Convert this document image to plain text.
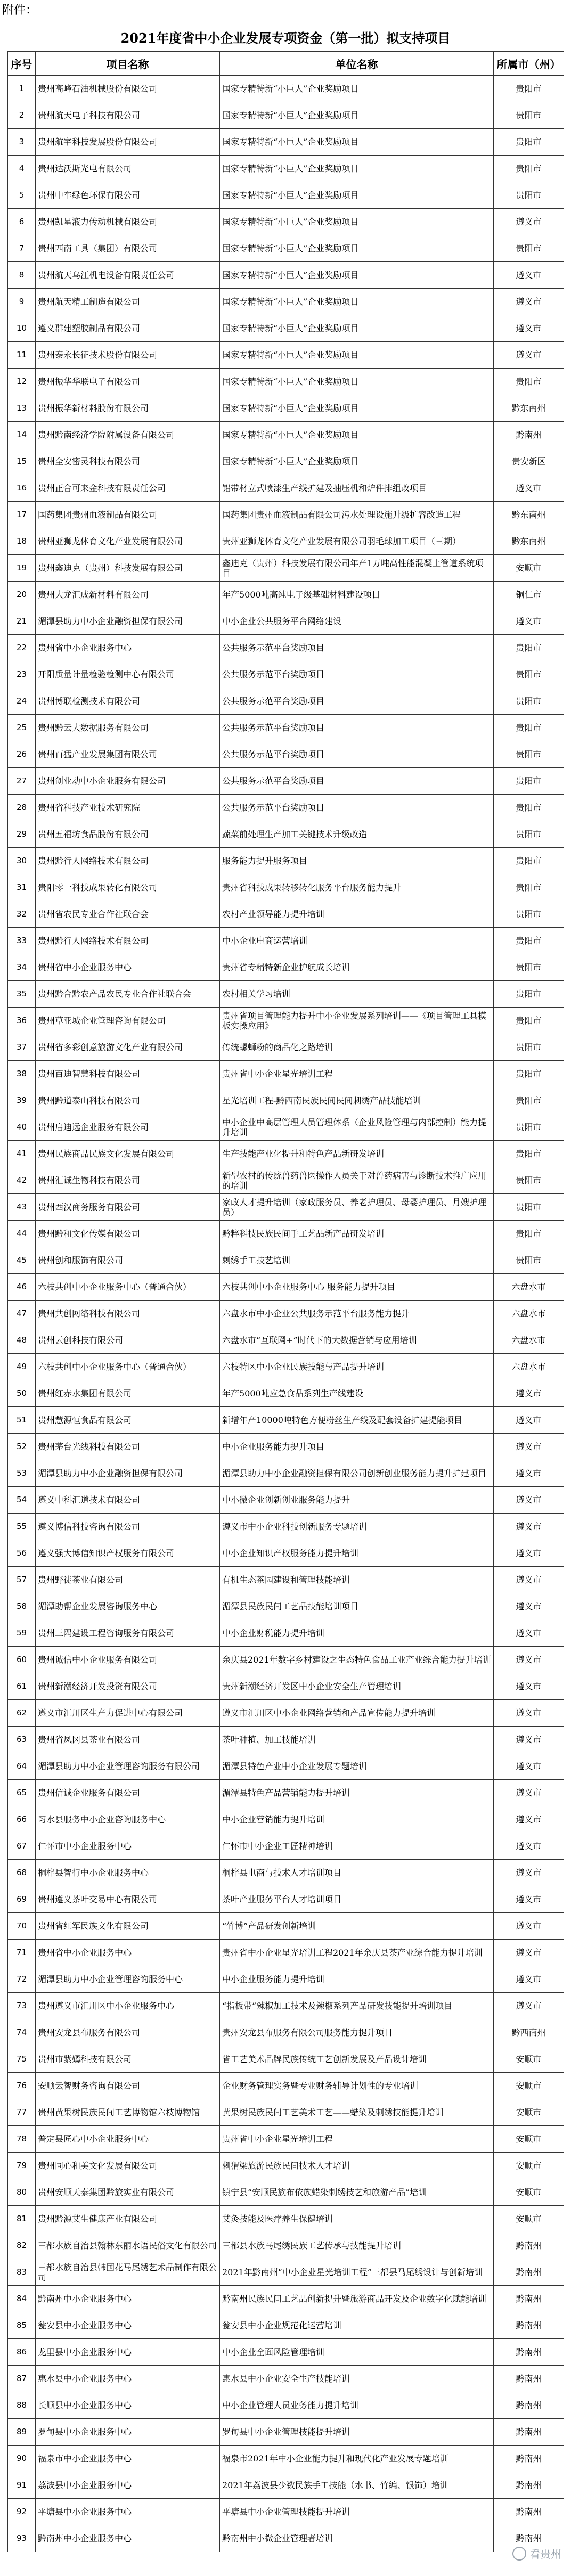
附件：
2021年度省中小企业发展专项资金（第一批）拟支持项目
序号	项目名称	单位名称	所属市（州）
1	贵州高峰石油机械股份有限公司	国家专精特新“小巨人”企业奖励项目	贵阳市
2	贵州航天电子科技有限公司	国家专精特新“小巨人”企业奖励项目	贵阳市
3	贵州航宇科技发展股份有限公司	国家专精特新“小巨人”企业奖励项目	贵阳市
4	贵州达沃斯光电有限公司	国家专精特新“小巨人”企业奖励项目	贵阳市
5	贵州中车绿色环保有限公司	国家专精特新“小巨人”企业奖励项目	贵阳市
6	贵州凯星液力传动机械有限公司	国家专精特新“小巨人”企业奖励项目	遵义市
7	贵州西南工具（集团）有限公司	国家专精特新“小巨人”企业奖励项目	贵阳市
8	贵州航天乌江机电设备有限责任公司	国家专精特新“小巨人”企业奖励项目	遵义市
9	贵州航天精工制造有限公司	国家专精特新“小巨人”企业奖励项目	遵义市
10	遵义群建塑胶制品有限公司	国家专精特新“小巨人”企业奖励项目	遵义市
11	贵州泰永长征技术股份有限公司	国家专精特新“小巨人”企业奖励项目	遵义市
12	贵州振华华联电子有限公司	国家专精特新“小巨人”企业奖励项目	贵阳市
13	贵州振华新材料股份有限公司	国家专精特新“小巨人”企业奖励项目	黔东南州
14	贵州黔南经济学院附属设备有限公司	国家专精特新“小巨人”企业奖励项目	黔南州
15	贵州全安密灵科技有限公司	国家专精特新“小巨人”企业奖励项目	贵安新区
16	贵州正合可来金科技有限责任公司	铝带材立式喷漆生产线扩建及抽压机和炉件排组改项目	遵义市
17	国药集团贵州血液制品有限公司	国药集团贵州血液制品有限公司污水处理设施升级扩容改造工程	黔东南州
18	贵州亚狮龙体育文化产业发展有限公司	贵州亚狮龙体育文化产业发展有限公司羽毛球加工项目（三期）	黔东南州
19	贵州鑫迪克（贵州）科技发展有限公司	鑫迪克（贵州）科技发展有限公司年产1万吨高性能混凝土管道系统项目	安顺市
20	贵州大龙汇成新材料有限公司	年产5000吨高纯电子级基础材料建设项目	铜仁市
21	湄潭县助力中小企业融资担保有限公司	中小企业公共服务平台网络建设	遵义市
22	贵州省中小企业服务中心	公共服务示范平台奖励项目	贵阳市
23	开阳质量计量检验检测中心有限公司	公共服务示范平台奖励项目	贵阳市
24	贵州博联检测技术有限公司	公共服务示范平台奖励项目	贵阳市
25	贵州黔云大数据服务有限公司	公共服务示范平台奖励项目	贵阳市
26	贵州百猛产业发展集团有限公司	公共服务示范平台奖励项目	贵阳市
27	贵州创业动中小企业服务有限公司	公共服务示范平台奖励项目	贵阳市
28	贵州省科技产业技术研究院	公共服务示范平台奖励项目	贵阳市
29	贵州五福坊食品股份有限公司	蔬菜前处理生产加工关键技术升级改造	贵阳市
30	贵州黔行人网络技术有限公司	服务能力提升服务项目	贵阳市
31	贵阳零一科技成果转化有限公司	贵州省科技成果转移转化服务平台服务能力提升	贵阳市
32	贵州省农民专业合作社联合会	农村产业领导能力提升培训	贵阳市
33	贵州黔行人网络技术有限公司	中小企业电商运营培训	贵阳市
34	贵州省中小企业服务中心	贵州省专精特新企业护航成长培训	贵阳市
35	贵州黔合黔农产品农民专业合作社联合会	农村相关学习培训	贵阳市
36	贵州草亚城企业管理咨询有限公司	贵州省项目管理能力提升中小企业发展系列培训——《项目管理工具模板实操应用》	贵阳市
37	贵州省多彩创意旅游文化产业有限公司	传统螺蛳粉的商品化之路培训	贵阳市
38	贵州百迪智慧科技有限公司	贵州省中小企业星光培训工程	贵阳市
39	贵州黔道泰山科技有限公司	星光培训工程-黔西南民族民间民间刺绣产品技能培训	贵阳市
40	贵州启迪远企业服务有限公司	中小企业中高层管理人员管理体系（企业风险管理与内部控制）能力提升培训	贵阳市
41	贵州民族商品民族文化发展有限公司	生产技能产业化提升和特色产品新研发培训	贵阳市
42	贵州汇诚生物科技有限公司	新型农村的传统兽药兽医操作人员关于对兽药病害与诊断技术推广应用的培训	贵阳市
43	贵州西汉商务服务有限公司	家政人才提升培训（家政服务员、养老护理员、母婴护理员、月嫂护理员）	贵阳市
44	贵州黔和文化传媒有限公司	黔粹科技民族民间手工艺品新产品研发培训	贵阳市
45	贵州创和服饰有限公司	刺绣手工技艺培训	贵阳市
46	六枝共创中小企业服务中心（普通合伙）	六枝共创中小企业服务中心 服务能力提升项目	六盘水市
47	贵州共创网络科技有限公司	六盘水市中小企业公共服务示范平台服务能力提升	六盘水市
48	贵州云创科技有限公司	六盘水市“互联网+”时代下的大数据营销与应用培训	六盘水市
49	六枝共创中小企业服务中心（普通合伙）	六枝特区中小企业民族技能与产品提升培训	六盘水市
50	贵州红赤水集团有限公司	年产5000吨应急食品系列生产线建设	遵义市
51	贵州慧源恒食品有限公司	新增年产10000吨特色方便粉丝生产线及配套设备扩建提能项目	遵义市
52	贵州茅台光线科技有限公司	中小企业服务能力提升项目	遵义市
53	湄潭县助力中小企业融资担保有限公司	湄潭县助力中小企业融资担保有限公司创新创业服务能力提升扩建项目	遵义市
54	遵义中科汇道技术有限公司	中小微企业创新创业服务能力提升	遵义市
55	遵义博信科技咨询有限公司	遵义市中小企业科技创新服务专题培训	遵义市
56	遵义强大博信知识产权服务有限公司	中小企业知识产权服务能力提升培训	遵义市
57	贵州野徒茶业有限公司	有机生态茶园建设和管理技能培训	遵义市
58	湄潭助帮企业发展咨询服务中心	湄潭县民族民间工艺品技能培训项目	遵义市
59	贵州三隅建设工程咨询服务有限公司	中小企业财税能力提升培训	遵义市
60	贵州诚信中小企业服务有限公司	余庆县2021年数字乡村建设之生态特色食品工业产业综合能力提升培训	遵义市
61	贵州新潮经济开发投资有限公司	贵州新潮经济开发区中小企业安全生产管理培训	遵义市
62	遵义市汇川区生产力促进中心有限公司	遵义市汇川区中小企业网络营销和产品宣传能力提升培训	遵义市
63	贵州省凤冈县茶业有限公司	茶叶种植、加工技能培训	遵义市
64	湄潭县助力中小企业管理咨询服务有限公司	湄潭县特色产业中小企业发展专题培训	遵义市
65	贵州信诚企业服务有限公司	湄潭县特色产品营销能力提升培训	遵义市
66	习水县服务中小企业咨询服务中心	中小企业营销能力提升培训	遵义市
67	仁怀市中小企业服务中心	仁怀市中小企业工匠精神培训	遵义市
68	桐梓县智行中小企业服务中心	桐梓县电商与技术人才培训项目	遵义市
69	贵州遵义茶叶交易中心有限公司	茶叶产业服务平台人才培训项目	遵义市
70	贵州省红军民族文化有限公司	“竹博”产品研发创新培训	遵义市
71	贵州省中小企业服务中心	贵州省中小企业星光培训工程2021年余庆县茶产业综合能力提升培训	遵义市
72	湄潭县助力中小企业管理咨询服务中心	中小企业服务能力提升培训	遵义市
73	贵州遵义市汇川区中小企业服务中心	“指板带”辣椒加工技术及辣椒系列产品研发技能提升培训项目	遵义市
74	贵州安龙县布服务有限公司	贵州安龙县布服务有限公司服务能力提升项目	黔西南州
75	贵州市紫嫣科技有限公司	省工艺美术品牌民族传统工艺创新发展及产品设计培训	安顺市
76	安顺云智财务咨询有限公司	企业财务管理实务暨专业财务辅导计划性的专业培训	安顺市
77	贵州黄果树民族民间工艺博物馆六枝博物馆	黄果树民族民间工艺美术工艺——蜡染及刺绣技能提升培训	安顺市
78	普定县匠心中小企业服务中心	贵州省中小企业星光培训工程	安顺市
79	贵州同心和美文化发展有限公司	刺猬梁旅游民族民间技术人才培训	安顺市
80	贵州安顺天泰集团黔旅实业有限公司	镇宁县“安顺民族布依族蜡染刺绣技艺和旅游产品”培训	安顺市
81	贵州黔源艾生健康产业有限公司	艾灸技能及医疗养生保健培训	安顺市
82	三都水族自治县翰林东丽水语民俗文化有限公司	三都县水族马尾绣民族工艺传承与技能提升培训	黔南州
83	三都水族自治县韩国花马尾绣艺术品制作有限公司	2021年黔南州“中小企业星光培训工程”三都县马尾绣设计与创新培训	黔南州
84	黔南州中小企业服务中心	黔南州民族民间工艺品创新提升暨旅游商品开发及企业数字化赋能培训	黔南州
85	瓮安县中小企业服务中心	瓮安县中小企业规范化运营培训	黔南州
86	龙里县中小企业服务中心	中小企业全面风险管理培训	黔南州
87	惠水县中小企业服务中心	惠水县中小企业安全生产技能培训	黔南州
88	长顺县中小企业服务中心	中小企业管理人员业务能力提升培训	黔南州
89	罗甸县中小企业服务中心	罗甸县中小企业管理技能提升培训	黔南州
90	福泉市中小企业服务中心	福泉市2021年中小企业能力提升和现代化产业发展专题培训	黔南州
91	荔波县中小企业服务中心	2021年荔波县少数民族手工技能（水书、竹编、银饰）培训	黔南州
92	平塘县中小企业服务中心	平塘县中小企业管理技能提升培训	黔南州
93	黔南州中小企业服务中心	黔南州中小微企业管理者培训	黔南州
看贵州
